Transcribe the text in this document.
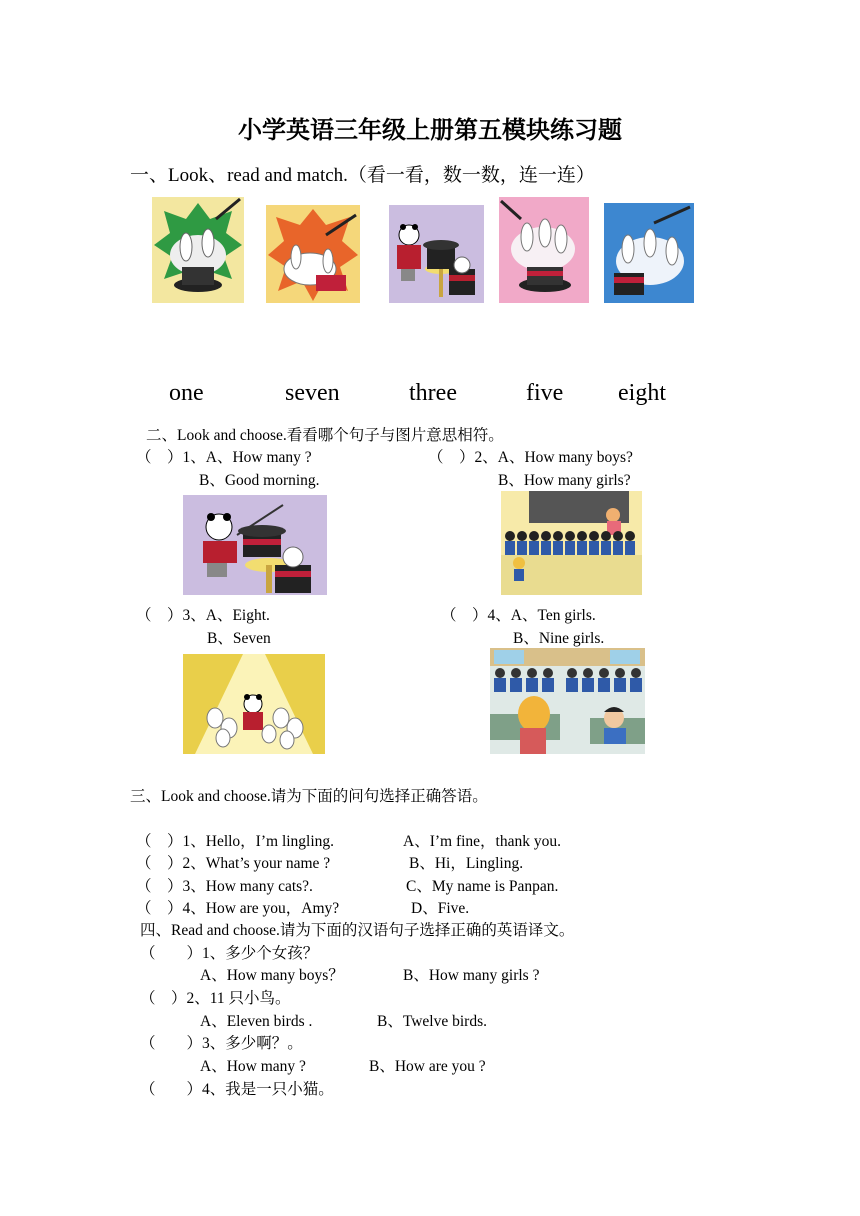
小学英语三年级上册第五模块练习题
一、Look、read and match.（看一看，数一数，连一连）
one	seven	three	five eight
二、Look and choose.看看哪个句子与图片意思相符。
（　）1、A、How many ?
B、Good morning.
（　）2、A、How many boys?
B、How many girls?
（　）3、A、Eight.
B、Seven
（　）4、A、Ten girls.
B、Nine girls.
三、Look and choose.请为下面的问句选择正确答语。
（　）1、Hello，I’m lingling.	A、I’m fine，thank you.
（　）2、What’s your name ?	B、Hi，Lingling.
（　）3、How many cats?.	C、My name is Panpan.
（　）4、How are you，Amy?	D、Five.
四、Read and choose.请为下面的汉语句子选择正确的英语译文。
（　　）1、多少个女孩？
A、How many boys？	B、How many girls ?
（　）2、11 只小鸟。
A、Eleven birds .	B、Twelve birds.
（　　）3、多少啊？。
A、How many ?	B、How are you ?
（　　）4、我是一只小猫。
